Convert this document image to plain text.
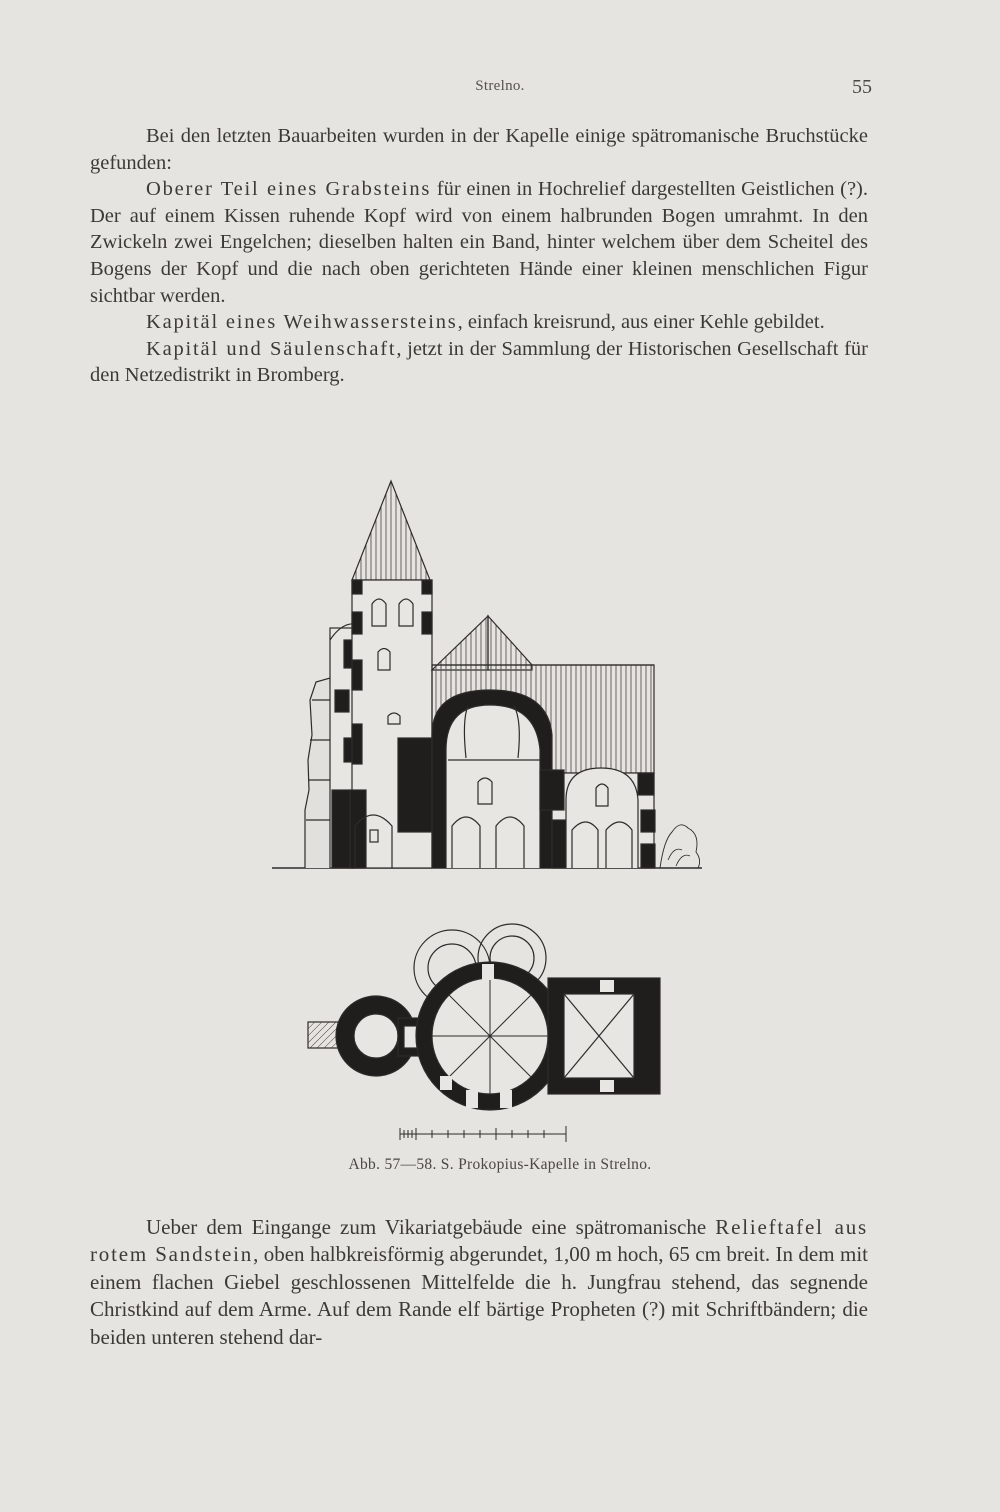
Strelno.	55

Bei den letzten Bauarbeiten wurden in der Kapelle einige spätromanische Bruchstücke gefunden:

Oberer Teil eines Grabsteins für einen in Hochrelief dargestellten Geistlichen (?). Der auf einem Kissen ruhende Kopf wird von einem halbrunden Bogen umrahmt. In den Zwickeln zwei Engelchen; dieselben halten ein Band, hinter welchem über dem Scheitel des Bogens der Kopf und die nach oben gerichteten Hände einer kleinen menschlichen Figur sichtbar werden.

Kapitäl eines Weihwassersteins, einfach kreisrund, aus einer Kehle gebildet.

Kapitäl und Säulenschaft, jetzt in der Sammlung der Historischen Gesellschaft für den Netzedistrikt in Bromberg.

Abb. 57—58. S. Prokopius-Kapelle in Strelno.

Ueber dem Eingange zum Vikariatgebäude eine spätromanische Relieftafel aus rotem Sandstein, oben halbkreisförmig abgerundet, 1,00 m hoch, 65 cm breit. In dem mit einem flachen Giebel geschlossenen Mittelfelde die h. Jungfrau stehend, das segnende Christkind auf dem Arme. Auf dem Rande elf bärtige Propheten (?) mit Schriftbändern; die beiden unteren stehend dar-
